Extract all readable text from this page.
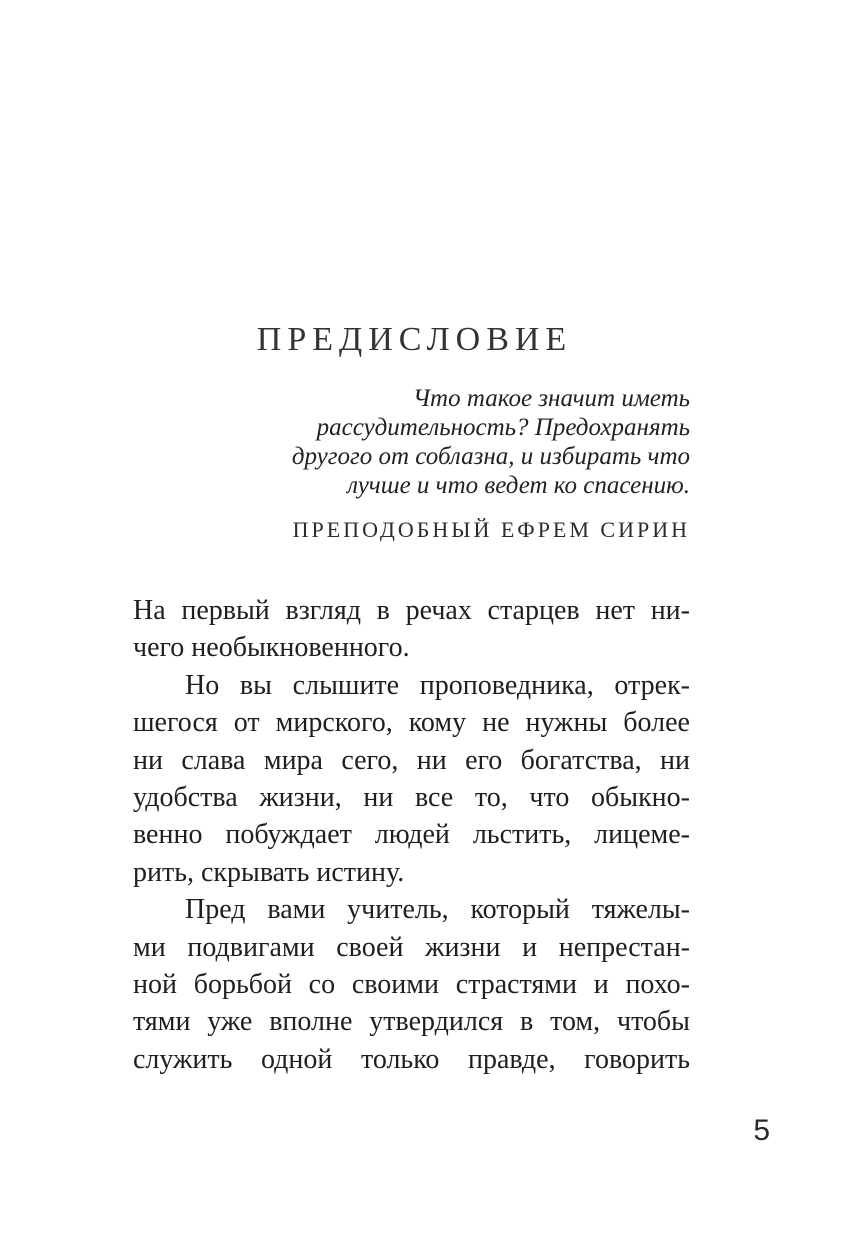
ПРЕДИСЛОВИЕ
Что такое значит иметь
рассудительность? Предохранять
другого от соблазна, и избирать что
лучше и что ведет ко спасению.
ПРЕПОДОБНЫЙ ЕФРЕМ СИРИН

На первый взгляд в речах старцев нет ни-
чего необыкновенного.

Но вы слышите проповедника, отрек-
шегося от мирского, кому не нужны более
ни слава мира сего, ни его богатства, ни
удобства жизни, ни все то, что обыкно-
венно побуждает людей льстить, лицеме-
рить, скрывать истину.

Пред вами учитель, который тяжелы-
ми подвигами своей жизни и непрестан-
ной борьбой со своими страстями и похо-
тями уже вполне утвердился в том, чтобы
служить одной только правде, говорить

5
